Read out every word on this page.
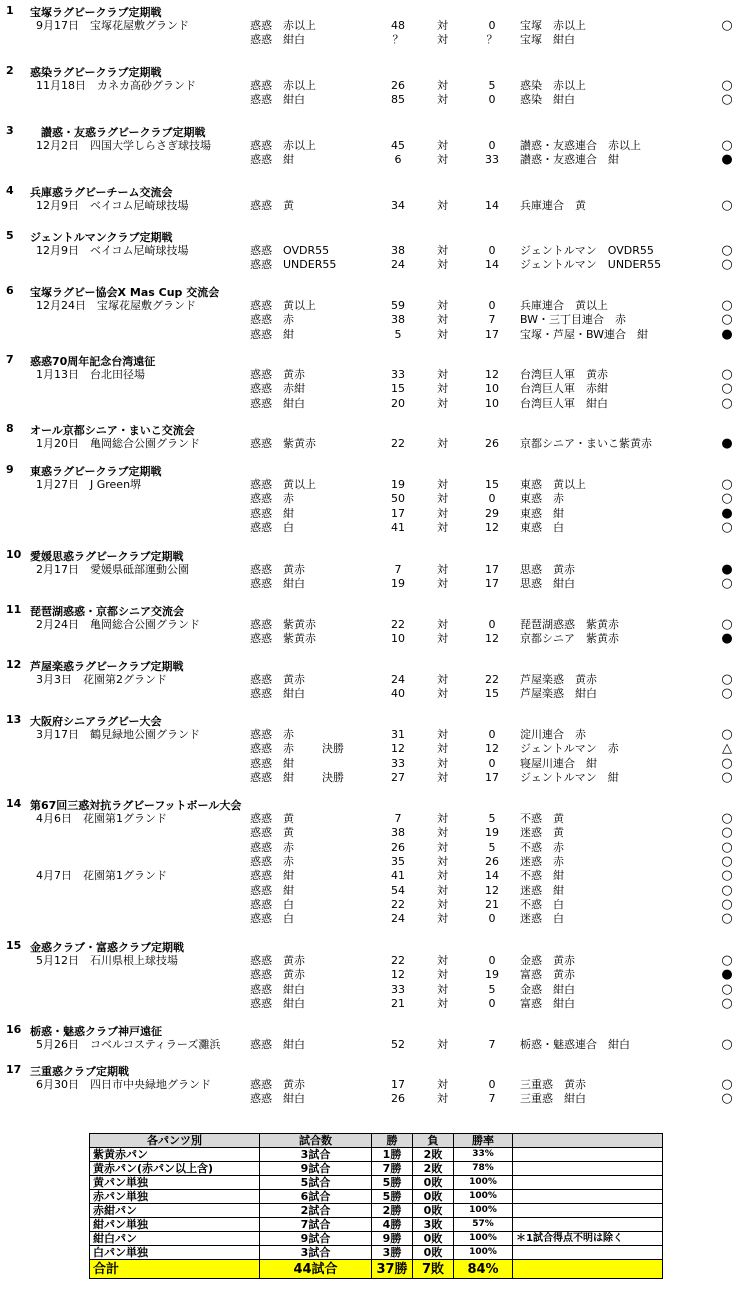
1 宝塚ラグビークラブ定期戦
9月17日　宝塚花屋敷グランド	惑惑　赤以上	48	対	0	宝塚　赤以上	○
惑惑　紺白	？	対	？	宝塚　紺白
2 惑染ラグビークラブ定期戦
11月18日　カネカ高砂グランド	惑惑　赤以上	26	対	5	惑染　赤以上	○
惑惑　紺白	85	対	0	惑染　紺白	○
3 　讃惑・友惑ラグビークラブ定期戦
12月2日　四国大学しらさぎ球技場	惑惑　赤以上	45	対	0	讃惑・友惑連合　赤以上	○
惑惑　紺	6	対	33	讃惑・友惑連合　紺	●
4 兵庫惑ラグビーチーム交流会
12月9日　ベイコム尼崎球技場	惑惑　黄	34	対	14	兵庫連合　黄	○
5 ジェントルマンクラブ定期戦
12月9日　ベイコム尼崎球技場	惑惑　OVDR55	38	対	0	ジェントルマン　OVDR55	○
惑惑　UNDER55	24	対	14	ジェントルマン　UNDER55	○
6 宝塚ラグビー協会X Mas Cup 交流会
12月24日　宝塚花屋敷グランド	惑惑　黄以上	59	対	0	兵庫連合　黄以上	○
惑惑　赤	38	対	7	BW・三丁目連合　赤	○
惑惑　紺	5	対	17	宝塚・芦屋・BW連合　紺	●
7 惑惑70周年記念台湾遠征
1月13日　台北田径場	惑惑　黄赤	33	対	12	台湾巨人軍　黄赤	○
惑惑　赤紺	15	対	10	台湾巨人軍　赤紺	○
惑惑　紺白	20	対	10	台湾巨人軍　紺白	○
8 オール京都シニア・まいこ交流会
1月20日　亀岡総合公園グランド	惑惑　紫黄赤	22	対	26	京都シニア・まいこ紫黄赤	●
9 東惑ラグビークラブ定期戦
1月27日　J Green堺	惑惑　黄以上	19	対	15	東惑　黄以上	○
惑惑　赤	50	対	0	東惑　赤	○
惑惑　紺	17	対	29	東惑　紺	●
惑惑　白	41	対	12	東惑　白	○
10 愛媛思惑ラグビークラブ定期戦
2月17日　愛媛県砥部運動公園	惑惑　黄赤	7	対	17	思惑　黄赤	●
惑惑　紺白	19	対	17	思惑　紺白	○
11 琵琶湖惑惑・京都シニア交流会
2月24日　亀岡総合公園グランド	惑惑　紫黄赤	22	対	0	琵琶湖惑惑　紫黄赤	○
惑惑　紫黄赤	10	対	12	京都シニア　紫黄赤	●
12 芦屋楽惑ラグビークラブ定期戦
3月3日　花園第2グランド	惑惑　黄赤	24	対	22	芦屋楽惑　黄赤	○
惑惑　紺白	40	対	15	芦屋楽惑　紺白	○
13 大阪府シニアラグビー大会
3月17日　鶴見緑地公園グランド	惑惑　赤	31	対	0	淀川連合　赤	○
惑惑　赤	決勝	12	対	12	ジェントルマン　赤	△
惑惑　紺	33	対	0	寝屋川連合　紺	○
惑惑　紺	決勝	27	対	17	ジェントルマン　紺	○
14 第67回三惑対抗ラグビーフットボール大会
4月6日　花園第1グランド	惑惑　黄	7	対	5	不惑　黄	○
惑惑　黄	38	対	19	迷惑　黄	○
惑惑　赤	26	対	5	不惑　赤	○
惑惑　赤	35	対	26	迷惑　赤	○
4月7日　花園第1グランド	惑惑　紺	41	対	14	不惑　紺	○
惑惑　紺	54	対	12	迷惑　紺	○
惑惑　白	22	対	21	不惑　白	○
惑惑　白	24	対	0	迷惑　白	○
15 金惑クラブ・富惑クラブ定期戦
5月12日　石川県根上球技場	惑惑　黄赤	22	対	0	金惑　黄赤	○
惑惑　黄赤	12	対	19	富惑　黄赤	●
惑惑　紺白	33	対	5	金惑　紺白	○
惑惑　紺白	21	対	0	富惑　紺白	○
16 栃惑・魅惑クラブ神戸遠征
5月26日　コベルコスティラーズ灘浜	惑惑　紺白	52	対	7	栃惑・魅惑連合　紺白	○
17 三重惑クラブ定期戦
6月30日　四日市中央緑地グランド	惑惑　黄赤	17	対	0	三重惑　黄赤	○
惑惑　紺白	26	対	7	三重惑　紺白	○
各パンツ別	試合数	勝	負	勝率	
紫黄赤パン	3試合	1勝	2敗	33%	
黄赤パン(赤パン以上含)	9試合	7勝	2敗	78%	
黄パン単独	5試合	5勝	0敗	100%	
赤パン単独	6試合	5勝	0敗	100%	
赤紺パン	2試合	2勝	0敗	100%	
紺パン単独	7試合	4勝	3敗	57%	
紺白パン	9試合	9勝	0敗	100%	＊1試合得点不明は除く
白パン単独	3試合	3勝	0敗	100%	
合計	44試合	37勝	7敗	84%	
